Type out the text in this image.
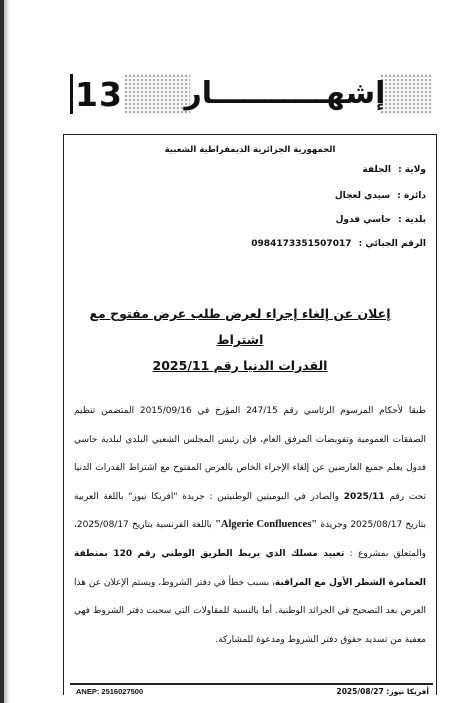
13 إشهـــــــــــار
الجمهورية الجزائرية الديمقراطية الشعبية
ولاية : الجلفة
دائرة : سيدي لعجال
بلدية : حاسي فدول
الرقم الجبائي : 0984173351507017
إعلان عن إلغاء إجراء لعرض طلب عرض مفتوح مع اشتراط
القدرات الدنيا رقم 2025/11
طبقا لأحكام المرسوم الرئاسي رقم 247/15 المؤرخ في 2015/09/16 المتضمن تنظيم الصفقات العمومية وتفويضات المرفق العام، فإن رئيس المجلس الشعبي البلدي لبلدية حاسي فدول يعلم جميع العارضين عن إلغاء الإجراء الخاص بالعرض المفتوح مع اشتراط القدرات الدنيا تحت رقم 2025/11 والصادر في اليوميتين الوطنيتين : جريدة "افريكا نيوز" باللغة العربية بتاريخ 2025/08/17 وجريدة "Algerie Confluences" باللغة الفرنسية بتاريخ 2025/08/17، والمتعلق بمشروع : تعبيد مسلك الذي يربط الطريق الوطني رقم 120 بمنطقة العمامرة الشطر الأول مع المراقبة، بسبب خطأ في دفتر الشروط، ويستم الإعلان عن هذا العرض بعد التصحيح في الجرائد الوطنية. أما بالنسبة للمقاولات التي سحبت دفتر الشروط فهي معفية من تسديد حقوق دفتر الشروط ومدعوة للمشاركة.
ANEP: 2516027500	أفريكا نيوز: 2025/08/27
